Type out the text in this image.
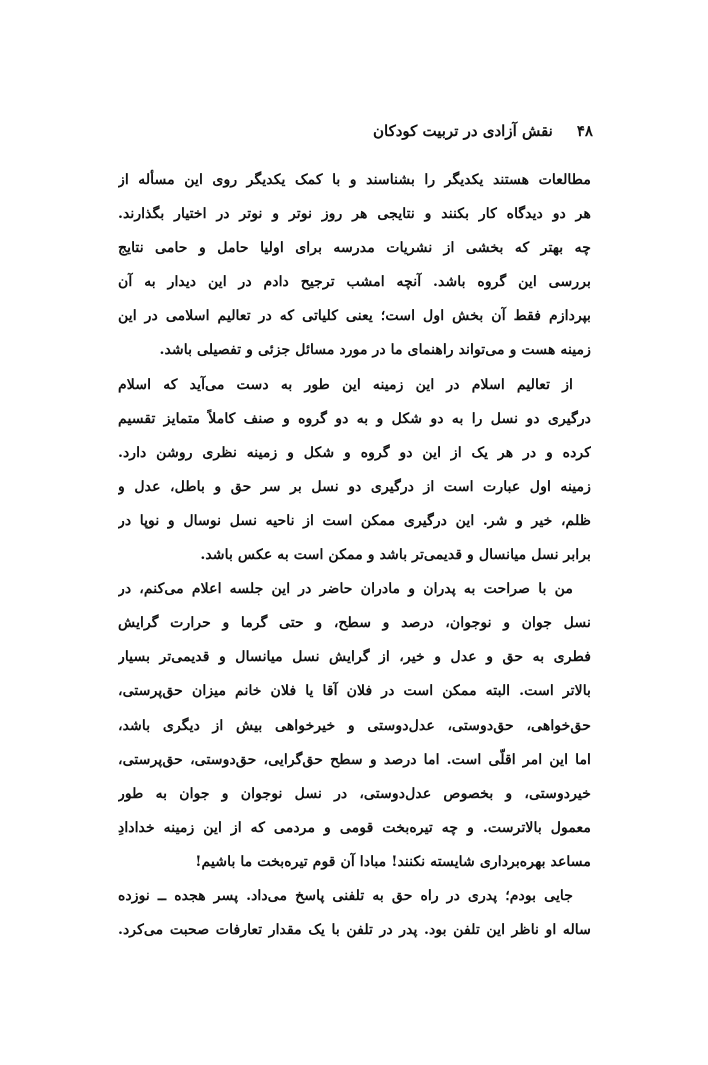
۴۸نقش آزادی در تربیت کودکان
مطالعات هستند یکدیگر را بشناسند و با کمک یکدیگر روی این مسألە از
هر دو دیدگاه کار بکنند و نتایجی هر روز نوتر و نوتر در اختیار بگذارند.
چه بهتر که بخشی از نشریات مدرسه برای اولیا حامل و حامی نتایج
بررسی این گروه باشد. آنچه امشب ترجیح دادم در این دیدار به آن
بپردازم فقط آن بخش اول است؛ یعنی کلیاتی که در تعالیم اسلامی در این
زمینه هست و می‌تواند راهنمای ما در مورد مسائل جزئی و تفصیلی باشد.
از تعالیم اسلام در این زمینه این طور به دست می‌آید که اسلام
درگیری دو نسل را به دو شکل و به دو گروه و صنف کاملاً متمایز تقسیم
کرده و در هر یک از این دو گروه و شکل و زمینه نظری روشن دارد.
زمینه اول عبارت است از درگیری دو نسل بر سر حق و باطل، عدل و
ظلم، خیر و شر. این درگیری ممکن است از ناحیه نسل نوسال و نوپا در
برابر نسل میانسال و قدیمی‌تر باشد و ممکن است به عکس باشد.
من با صراحت به پدران و مادران حاضر در این جلسه اعلام می‌کنم، در
نسل جوان و نوجوان، درصد و سطح، و حتی گرما و حرارت گرایش
فطری به حق و عدل و خیر، از گرایش نسل میانسال و قدیمی‌تر بسیار
بالاتر است. البته ممکن است در فلان آقا یا فلان خانم میزان حق‌پرستی،
حق‌خواهی، حق‌دوستی، عدل‌دوستی و خیرخواهی بیش از دیگری باشد،
اما این امر اقلّی است. اما درصد و سطح حق‌گرایی، حق‌دوستی، حق‌پرستی،
خیردوستی، و بخصوص عدل‌دوستی، در نسل نوجوان و جوان به طور
معمول بالاترست. و چه تیره‌بخت قومی و مردمی که از این زمینه خدادادِ
مساعد بهره‌برداری شایسته نکنند! مبادا آن قوم تیره‌بخت ما باشیم!
جایی بودم؛ پدری در راه حق به تلفنی پاسخ می‌داد. پسر هجده ــ نوزده
ساله او ناظر این تلفن بود. پدر در تلفن با یک مقدار تعارفات صحبت می‌کرد.
